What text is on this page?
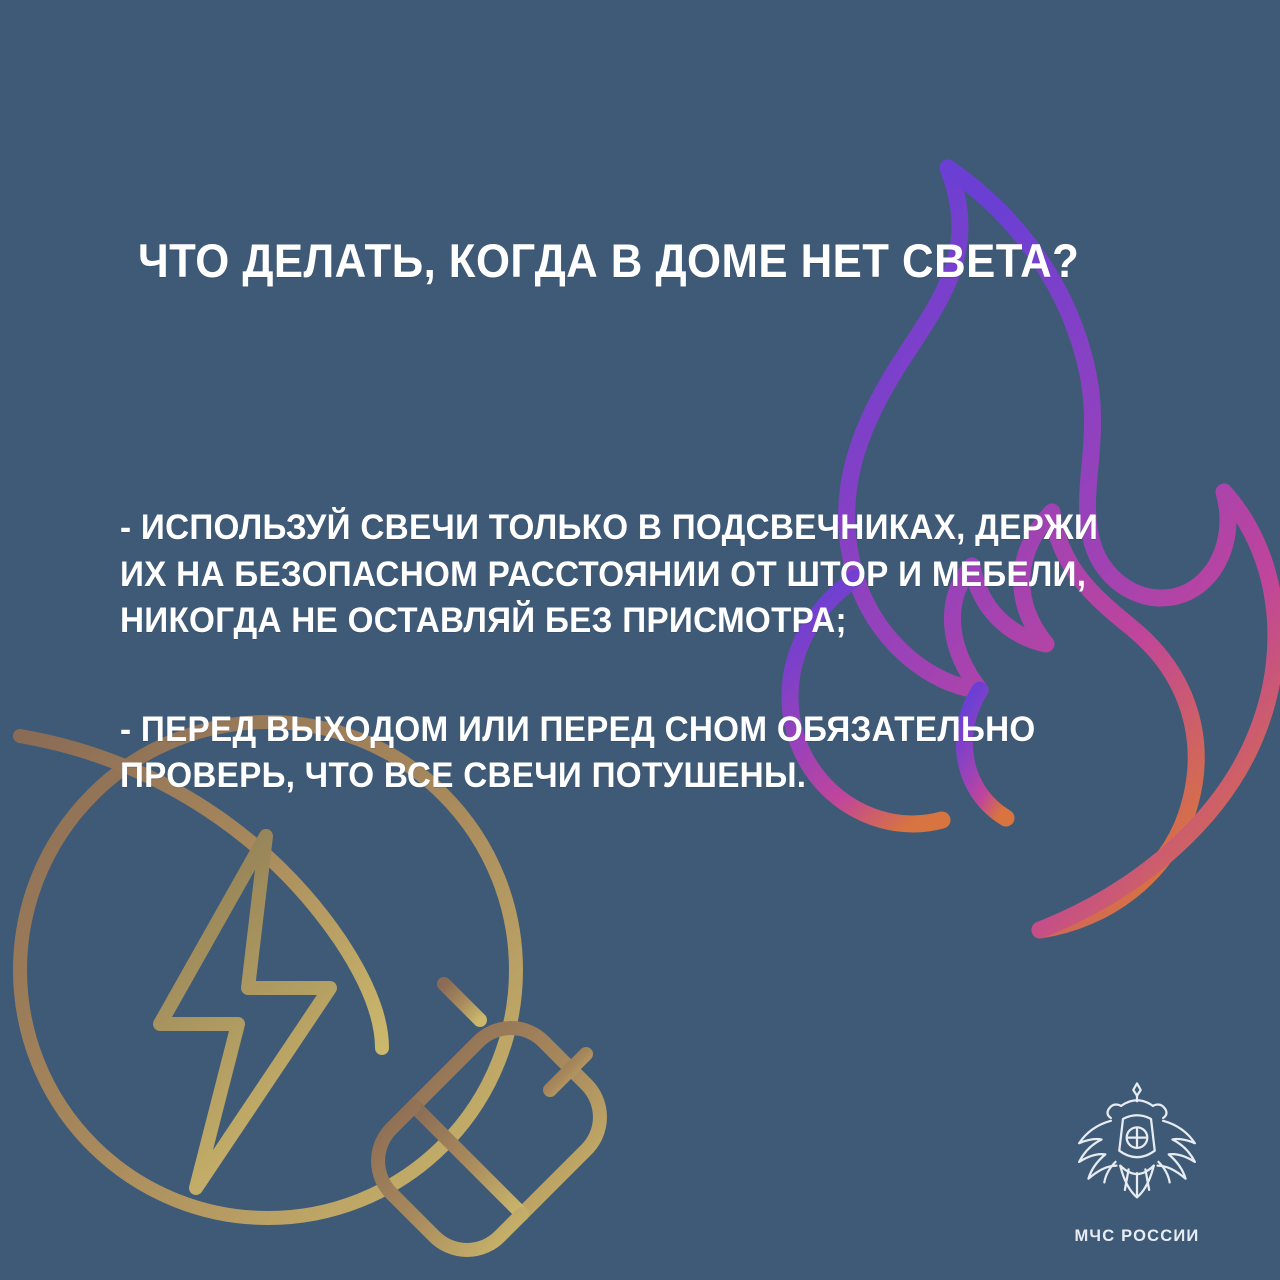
ЧТО ДЕЛАТЬ, КОГДА В ДОМЕ НЕТ СВЕТА?

- ИСПОЛЬЗУЙ СВЕЧИ ТОЛЬКО В ПОДСВЕЧНИКАХ, ДЕРЖИ ИХ НА БЕЗОПАСНОМ РАССТОЯНИИ ОТ ШТОР И МЕБЕЛИ, НИКОГДА НЕ ОСТАВЛЯЙ БЕЗ ПРИСМОТРА;

- ПЕРЕД ВЫХОДОМ ИЛИ ПЕРЕД СНОМ ОБЯЗАТЕЛЬНО ПРОВЕРЬ, ЧТО ВСЕ СВЕЧИ ПОТУШЕНЫ.

МЧС РОССИИ
